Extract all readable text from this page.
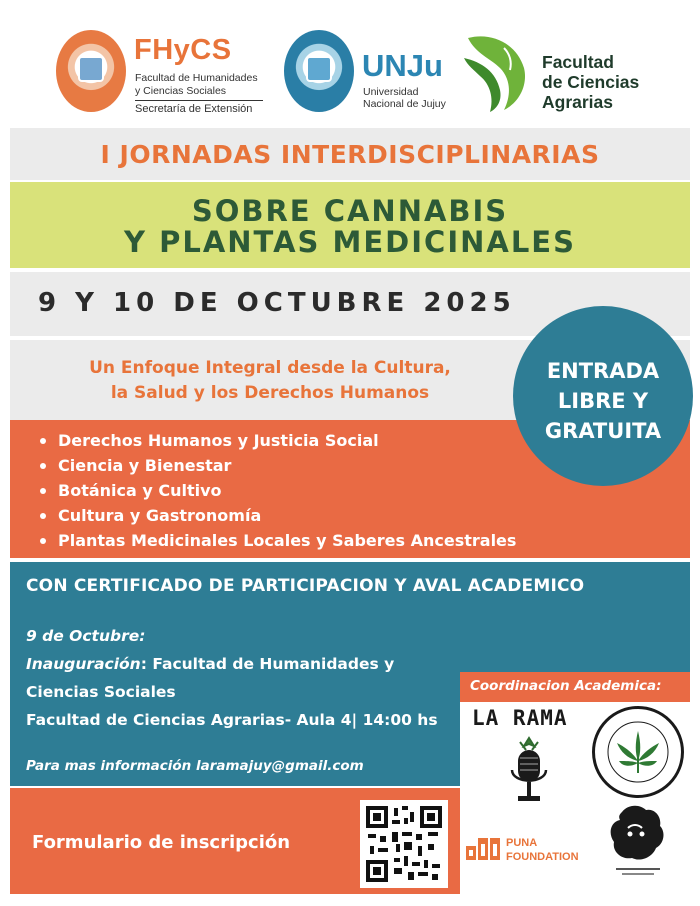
FHyCS
Facultad de Humanidades
y Ciencias Sociales
Secretaría de Extensión
UNJu
Universidad
Nacional de Jujuy
Facultad
de Ciencias
Agrarias
I JORNADAS INTERDISCIPLINARIAS
SOBRE CANNABIS
Y PLANTAS MEDICINALES
9 Y 10 DE OCTUBRE 2025
Un Enfoque Integral desde la Cultura,
la Salud y los Derechos Humanos
Derechos Humanos y Justicia Social
Ciencia y Bienestar
Botánica y Cultivo
Cultura y Gastronomía
Plantas Medicinales Locales y Saberes Ancestrales
ENTRADA
LIBRE Y
GRATUITA
CON CERTIFICADO DE PARTICIPACION Y AVAL ACADEMICO
9 de Octubre:
Inauguración: Facultad de Humanidades y
Ciencias Sociales
Facultad de Ciencias Agrarias- Aula 4| 14:00 hs
Para mas información laramajuy@gmail.com
Formulario de inscripción
Coordinacion Academica:
LA RAMA
PUNA
FOUNDATION
